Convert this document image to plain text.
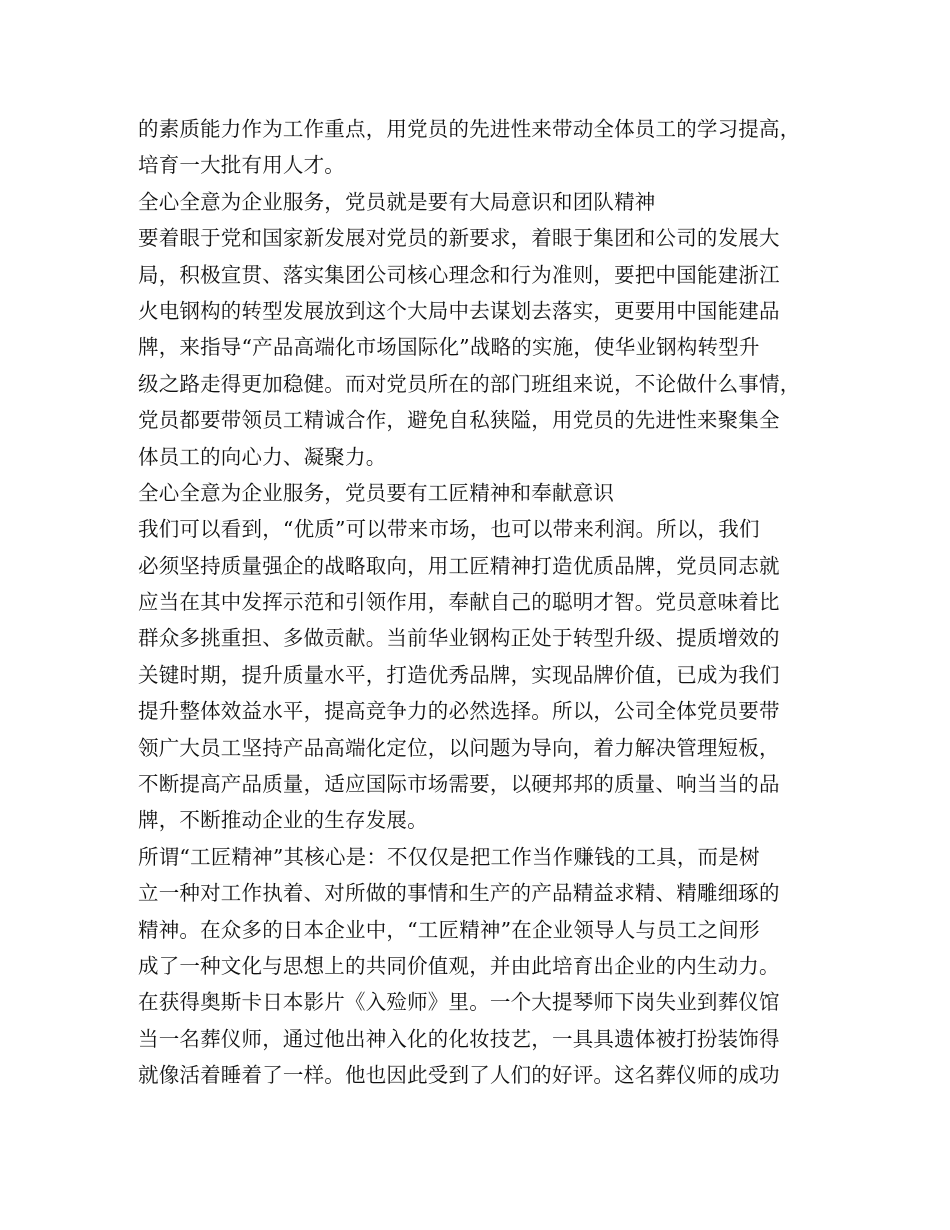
的素质能力作为工作重点，用党员的先进性来带动全体员工的学习提高，
培育一大批有用人才。
全心全意为企业服务，党员就是要有大局意识和团队精神
要着眼于党和国家新发展对党员的新要求，着眼于集团和公司的发展大
局，积极宣贯、落实集团公司核心理念和行为准则，要把中国能建浙江
火电钢构的转型发展放到这个大局中去谋划去落实，更要用中国能建品
牌，来指导“产品高端化市场国际化”战略的实施，使华业钢构转型升
级之路走得更加稳健。而对党员所在的部门班组来说，不论做什么事情，
党员都要带领员工精诚合作，避免自私狭隘，用党员的先进性来聚集全
体员工的向心力、凝聚力。
全心全意为企业服务，党员要有工匠精神和奉献意识
我们可以看到，“优质”可以带来市场，也可以带来利润。所以，我们
必须坚持质量强企的战略取向，用工匠精神打造优质品牌，党员同志就
应当在其中发挥示范和引领作用，奉献自己的聪明才智。党员意味着比
群众多挑重担、多做贡献。当前华业钢构正处于转型升级、提质增效的
关键时期，提升质量水平，打造优秀品牌，实现品牌价值，已成为我们
提升整体效益水平，提高竞争力的必然选择。所以，公司全体党员要带
领广大员工坚持产品高端化定位，以问题为导向，着力解决管理短板，
不断提高产品质量，适应国际市场需要，以硬邦邦的质量、响当当的品
牌，不断推动企业的生存发展。
所谓“工匠精神”其核心是：不仅仅是把工作当作赚钱的工具，而是树
立一种对工作执着、对所做的事情和生产的产品精益求精、精雕细琢的
精神。在众多的日本企业中，“工匠精神”在企业领导人与员工之间形
成了一种文化与思想上的共同价值观，并由此培育出企业的内生动力。
在获得奥斯卡日本影片《入殓师》里。一个大提琴师下岗失业到葬仪馆
当一名葬仪师，通过他出神入化的化妆技艺，一具具遗体被打扮装饰得
就像活着睡着了一样。他也因此受到了人们的好评。这名葬仪师的成功
